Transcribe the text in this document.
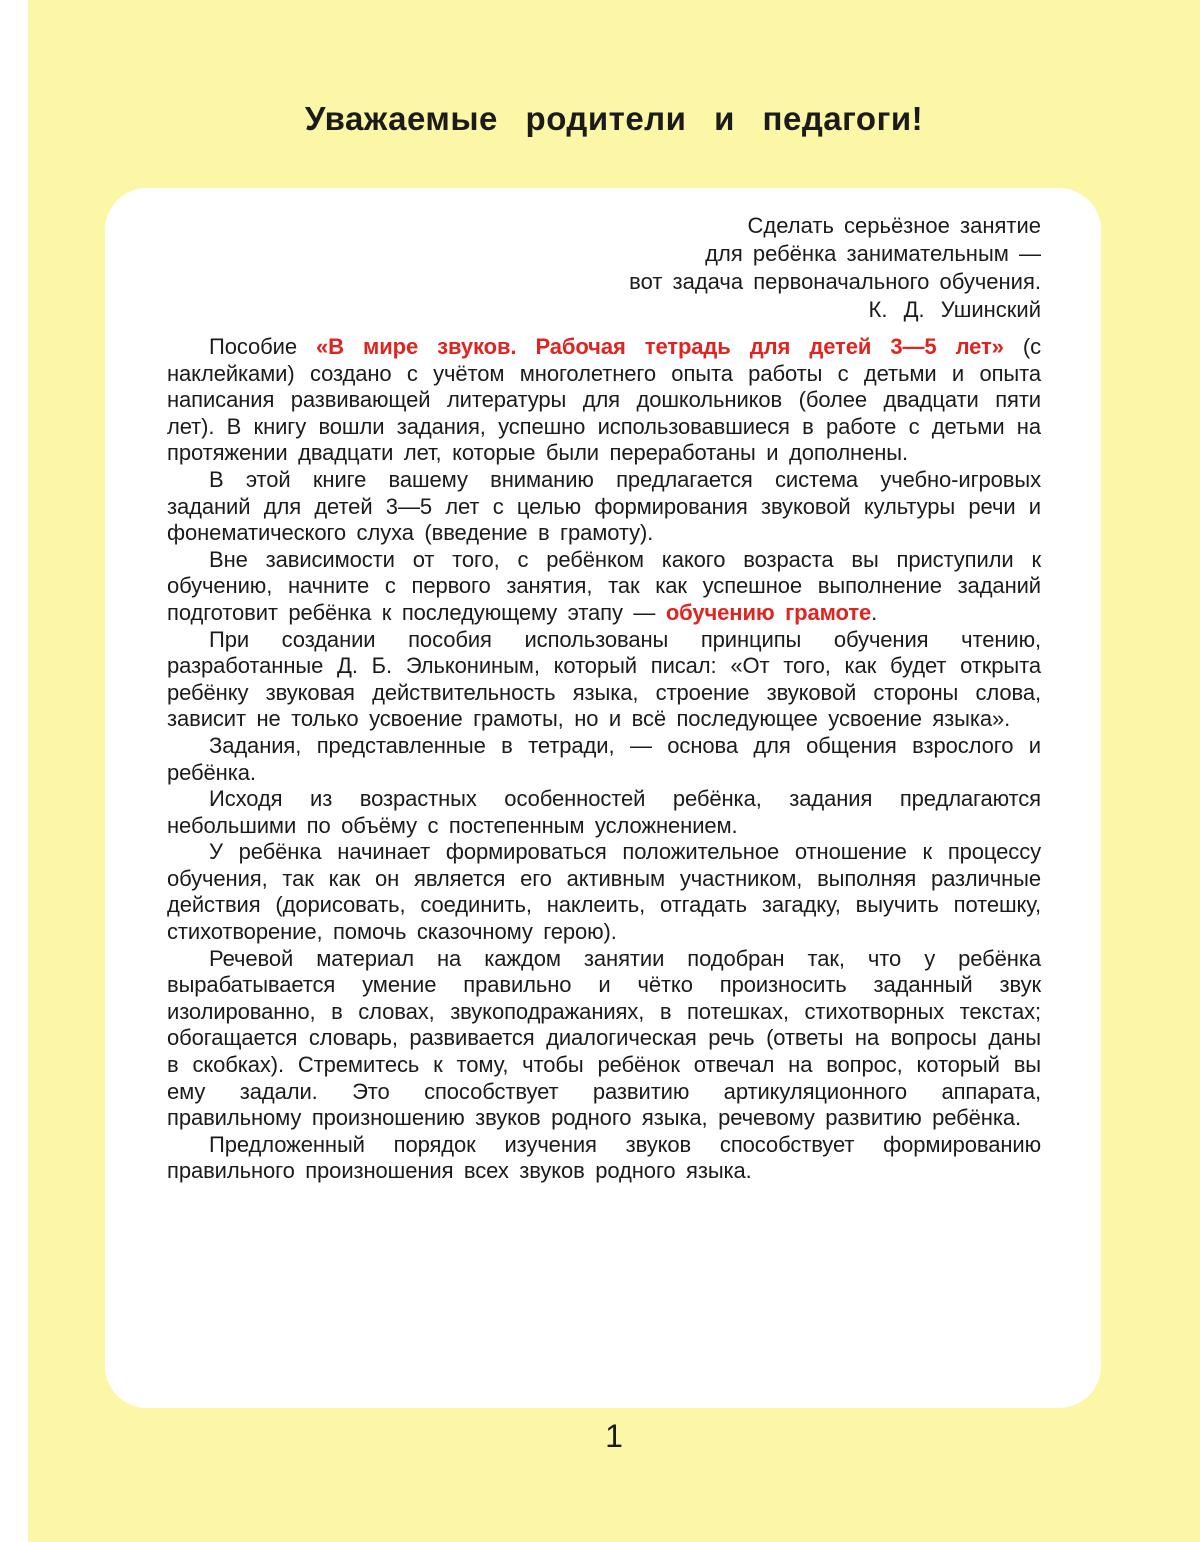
Уважаемые родители и педагоги!
Сделать серьёзное занятие
для ребёнка занимательным —
вот задача первоначального обучения.
К. Д. Ушинский

Пособие «В мире звуков. Рабочая тетрадь для детей 3—5 лет» (с наклейками) создано с учётом многолетнего опыта работы с детьми и опыта написания развивающей литературы для дошкольников (более двадцати пяти лет). В книгу вошли задания, успешно использовавшиеся в работе с детьми на протяжении двадцати лет, которые были переработаны и дополнены.

В этой книге вашему вниманию предлагается система учебно-игровых заданий для детей 3—5 лет с целью формирования звуковой культуры речи и фонематического слуха (введение в грамоту).

Вне зависимости от того, с ребёнком какого возраста вы приступили к обучению, начните с первого занятия, так как успешное выполнение заданий подготовит ребёнка к последующему этапу — обучению грамоте.

При создании пособия использованы принципы обучения чтению, разработанные Д. Б. Элькониным, который писал: «От того, как будет открыта ребёнку звуковая действительность языка, строение звуковой стороны слова, зависит не только усвоение грамоты, но и всё последующее усвоение языка».

Задания, представленные в тетради, — основа для общения взрослого и ребёнка.

Исходя из возрастных особенностей ребёнка, задания предлагаются небольшими по объёму с постепенным усложнением.

У ребёнка начинает формироваться положительное отношение к процессу обучения, так как он является его активным участником, выполняя различные действия (дорисовать, соединить, наклеить, отгадать загадку, выучить потешку, стихотворение, помочь сказочному герою).

Речевой материал на каждом занятии подобран так, что у ребёнка вырабатывается умение правильно и чётко произносить заданный звук изолированно, в словах, звукоподражаниях, в потешках, стихотворных текстах; обогащается словарь, развивается диалогическая речь (ответы на вопросы даны в скобках). Стремитесь к тому, чтобы ребёнок отвечал на вопрос, который вы ему задали. Это способствует развитию артикуляционного аппарата, правильному произношению звуков родного языка, речевому развитию ребёнка.

Предложенный порядок изучения звуков способствует формированию правильного произношения всех звуков родного языка.

1
